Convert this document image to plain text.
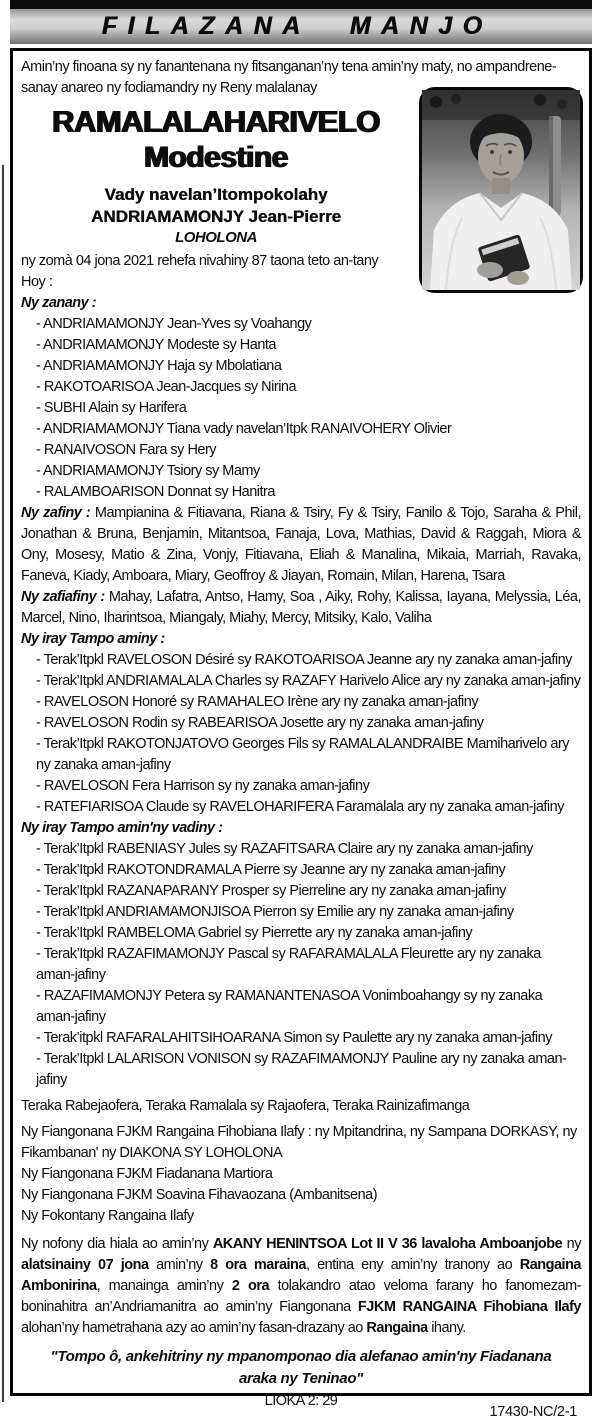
FILAZANA MANJO

Amin’ny finoana sy ny fanantenana ny fitsanganan’ny tena amin’ny maty, no ampandrene-
sanay anareo ny fodiamandry ny Reny malalanay

RAMALALAHARIVELO
Modestine
Vady navelan’Itompokolahy
ANDRIAMAMONJY Jean-Pierre
LOHOLONA

ny zomà 04 jona 2021 rehefa nivahiny 87 taona teto an-tany

Hoy :

Ny zanany :

- ANDRIAMAMONJY Jean-Yves sy Voahangy
- ANDRIAMAMONJY Modeste sy Hanta
- ANDRIAMAMONJY Haja sy Mbolatiana
- RAKOTOARISOA Jean-Jacques sy Nirina
- SUBHI Alain sy Harifera
- ANDRIAMAMONJY Tiana vady navelan’Itpk RANAIVOHERY Olivier
- RANAIVOSON Fara sy Hery
- ANDRIAMAMONJY Tsiory sy Mamy
- RALAMBOARISON Donnat sy Hanitra

Ny zafiny : Mampianina & Fitiavana, Riana & Tsiry, Fy & Tsiry, Fanilo & Tojo, Saraha & Phil, Jonathan & Bruna, Benjamin, Mitantsoa, Fanaja, Lova, Mathias, David & Raggah, Miora & Ony, Mosesy, Matio & Zina, Vonjy, Fitiavana, Eliah & Manalina, Mikaia, Marriah, Ravaka, Faneva, Kiady, Amboara, Miary, Geoffroy & Jiayan, Romain, Milan, Harena, Tsara

Ny zafiafiny : Mahay, Lafatra, Antso, Hamy, Soa , Aiky, Rohy, Kalissa, Iayana, Melyssia, Léa, Marcel, Nino, Iharintsoa, Miangaly, Miahy, Mercy, Mitsiky, Kalo, Valiha

Ny iray Tampo aminy :

- Terak’Itpkl RAVELOSON Désiré sy RAKOTOARISOA Jeanne ary ny zanaka aman-jafiny
- Terak’Itpkl ANDRIAMALALA Charles sy RAZAFY Harivelo Alice ary ny zanaka aman-jafiny
- RAVELOSON Honoré sy RAMAHALEO Irène ary ny zanaka aman-jafiny
- RAVELOSON Rodin sy RABEARISOA Josette ary ny zanaka aman-jafiny
- Terak’Itpkl RAKOTONJATOVO Georges Fils sy RAMALALANDRAIBE Mamiharivelo ary ny zanaka aman-jafiny
- RAVELOSON Fera Harrison sy ny zanaka aman-jafiny
- RATEFIARISOA Claude sy RAVELOHARIFERA Faramalala ary ny zanaka aman-jafiny

Ny iray Tampo amin'ny vadiny :

- Terak’Itpkl RABENIASY Jules sy RAZAFITSARA Claire ary ny zanaka aman-jafiny
- Terak’Itpkl RAKOTONDRAMALA Pierre sy Jeanne ary ny zanaka aman-jafiny
- Terak’Itpkl RAZANAPARANY Prosper sy Pierreline ary ny zanaka aman-jafiny
- Terak’Itpkl ANDRIAMAMONJISOA Pierron sy Emilie ary ny zanaka aman-jafiny
- Terak’Itpkl RAMBELOMA Gabriel sy Pierrette ary ny zanaka aman-jafiny
- Terak’Itpkl RAZAFIMAMONJY Pascal sy RAFARAMALALA Fleurette ary ny zanaka aman-jafiny
- RAZAFIMAMONJY Petera sy RAMANANTENASOA Vonimboahangy sy ny zanaka aman-jafiny
- Terak’itpkl RAFARALAHITSIHOARANA Simon sy Paulette ary ny zanaka aman-jafiny
- Terak’Itpkl LALARISON VONISON sy RAZAFIMAMONJY Pauline ary ny zanaka aman-jafiny

Teraka Rabejaofera, Teraka Ramalala sy Rajaofera, Teraka Rainizafimanga

Ny Fiangonana FJKM Rangaina Fihobiana Ilafy : ny Mpitandrina, ny Sampana DORKASY, ny Fikambanan' ny DIAKONA SY LOHOLONA

Ny Fiangonana FJKM Fiadanana Martiora

Ny Fiangonana FJKM Soavina Fihavaozana (Ambanitsena)

Ny Fokontany Rangaina Ilafy

Ny nofony dia hiala ao amin’ny AKANY HENINTSOA Lot II V 36 lavaloha Amboanjobe ny alatsinainy 07 jona amin’ny 8 ora maraina, entina eny amin’ny tranony ao Rangaina Ambonirina, manainga amin’ny 2 ora tolakandro atao veloma farany ho fanomezam-boninahitra an’Andriamanitra ao amin’ny Fiangonana FJKM RANGAINA Fihobiana Ilafy alohan’ny hametrahana azy ao amin’ny fasan-drazany ao Rangaina ihany.

"Tompo ô, ankehitriny ny mpanomponao dia alefanao amin'ny Fiadanana
araka ny Teninao"

LIOKA 2: 29
17430-NC/2-1
